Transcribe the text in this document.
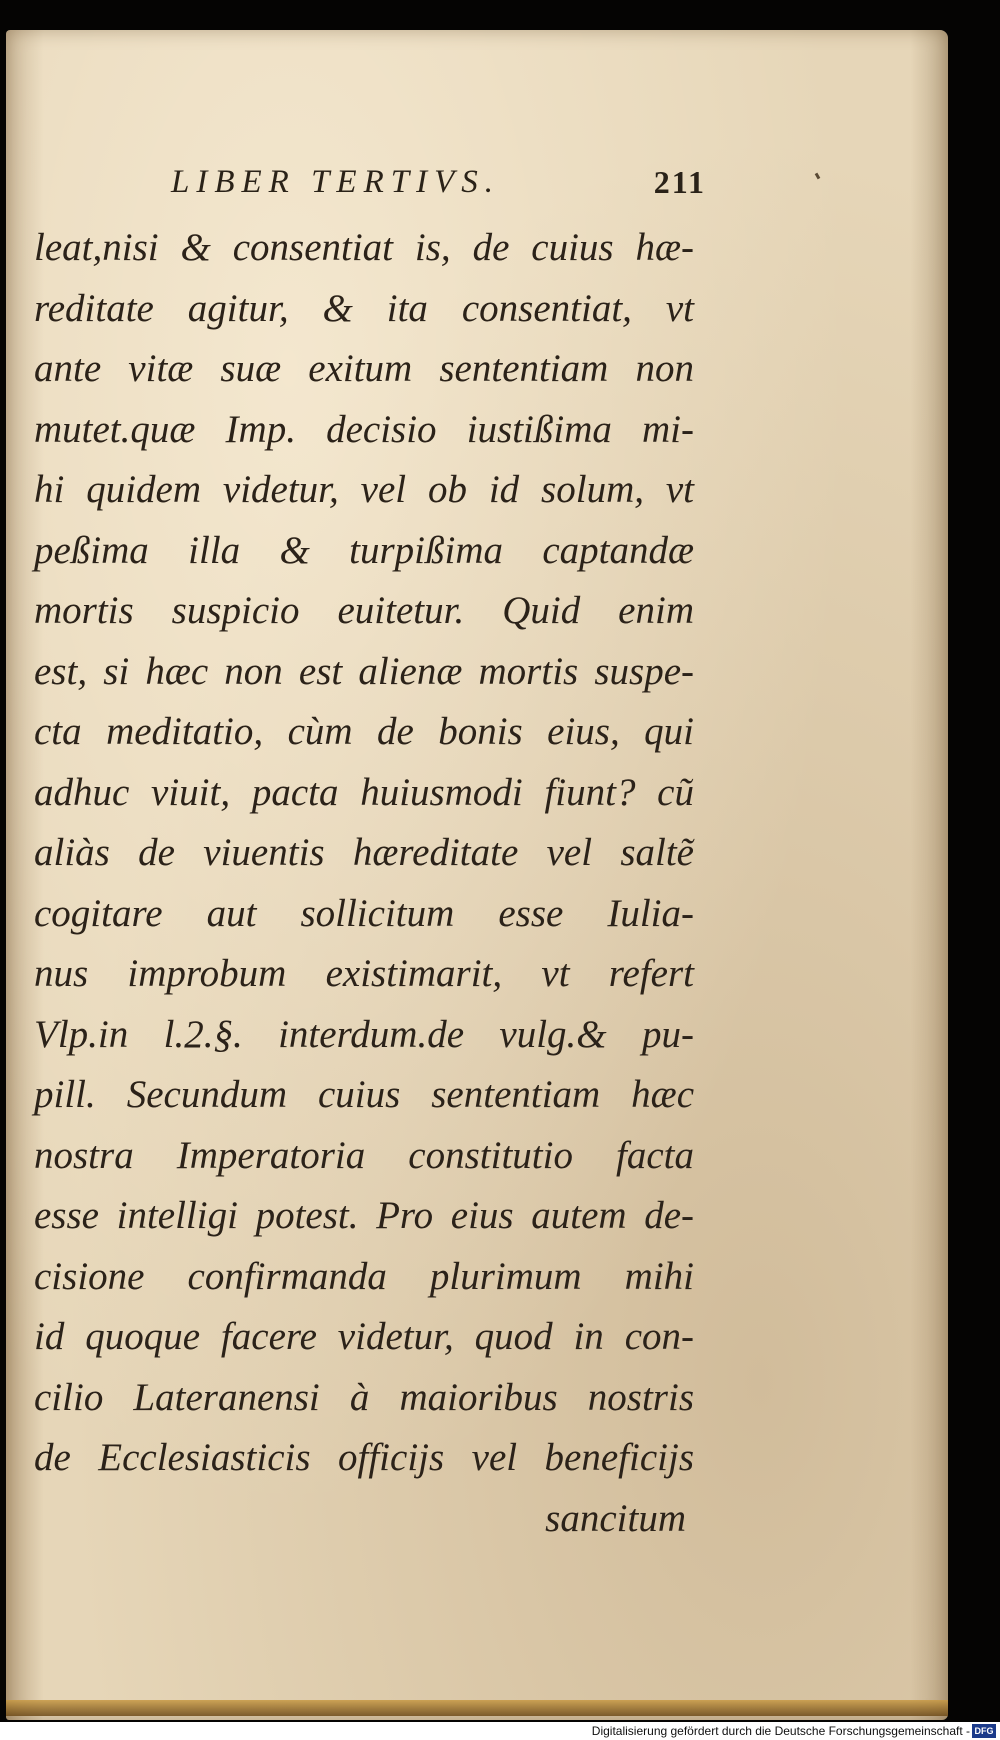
LIBER TERTIVS.	211
leat,nisi & consentiat is, de cuius hæ-
reditate agitur, & ita consentiat, vt
ante vitæ suæ exitum sententiam non
mutet.quæ Imp. decisio iustißima mi-
hi quidem videtur, vel ob id solum, vt
peßima illa & turpißima captandæ
mortis suspicio euitetur. Quid enim
est, si hæc non est alienæ mortis suspe-
cta meditatio, cùm de bonis eius, qui
adhuc viuit, pacta huiusmodi fiunt? cũ
aliàs de viuentis hæreditate vel saltẽ
cogitare aut sollicitum esse Iulia-
nus improbum existimarit, vt refert
Vlp.in l.2.§. interdum.de vulg.& pu-
pill. Secundum cuius sententiam hæc
nostra Imperatoria constitutio facta
esse intelligi potest. Pro eius autem de-
cisione confirmanda plurimum mihi
id quoque facere videtur, quod in con-
cilio Lateranensi à maioribus nostris
de Ecclesiasticis officijs vel beneficijs
sancitum
Digitalisierung gefördert durch die Deutsche Forschungsgemeinschaft - DFG
